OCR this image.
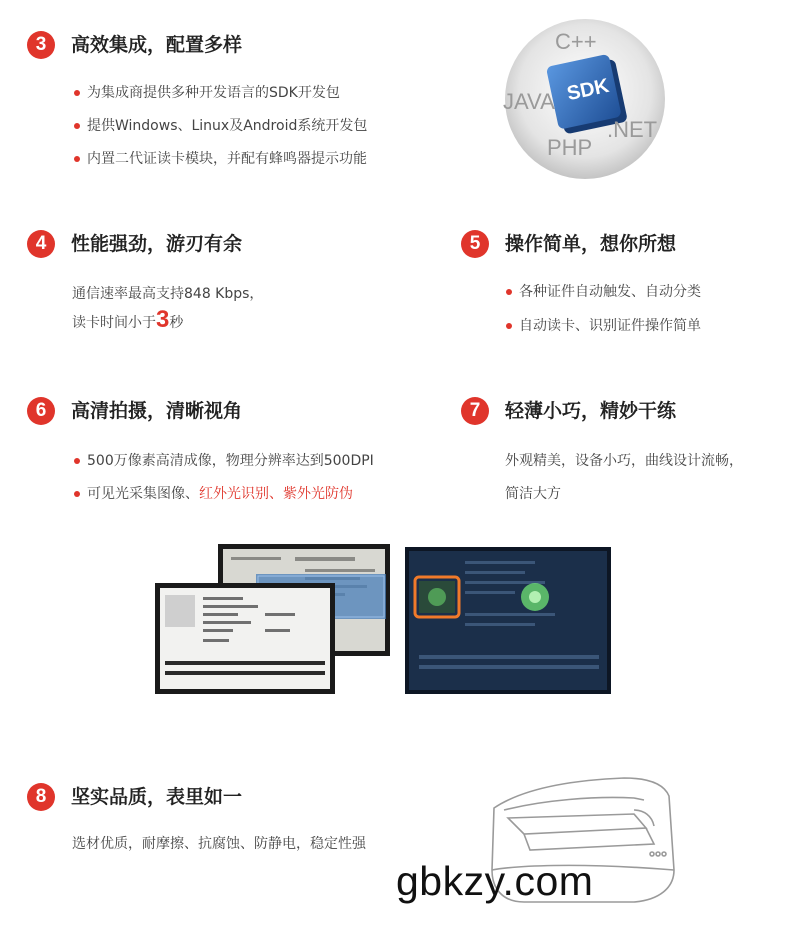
3	高效集成，配置多样
为集成商提供多种开发语言的SDK开发包
提供Windows、Linux及Android系统开发包
内置二代证读卡模块，并配有蜂鸣器提示功能
C++
JAVA
PHP
.NET
SDK
4	性能强劲，游刃有余
通信速率最高支持848 Kbps，
读卡时间小于3秒
5	操作简单，想你所想
各种证件自动触发、自动分类
自动读卡、识别证件操作简单
6	高清拍摄，清晰视角
500万像素高清成像，物理分辨率达到500DPI
可见光采集图像、红外光识别、紫外光防伪
7	轻薄小巧，精妙干练
外观精美，设备小巧，曲线设计流畅，
简洁大方
8	坚实品质，表里如一
选材优质，耐摩擦、抗腐蚀、防静电，稳定性强
gbkzy.com
